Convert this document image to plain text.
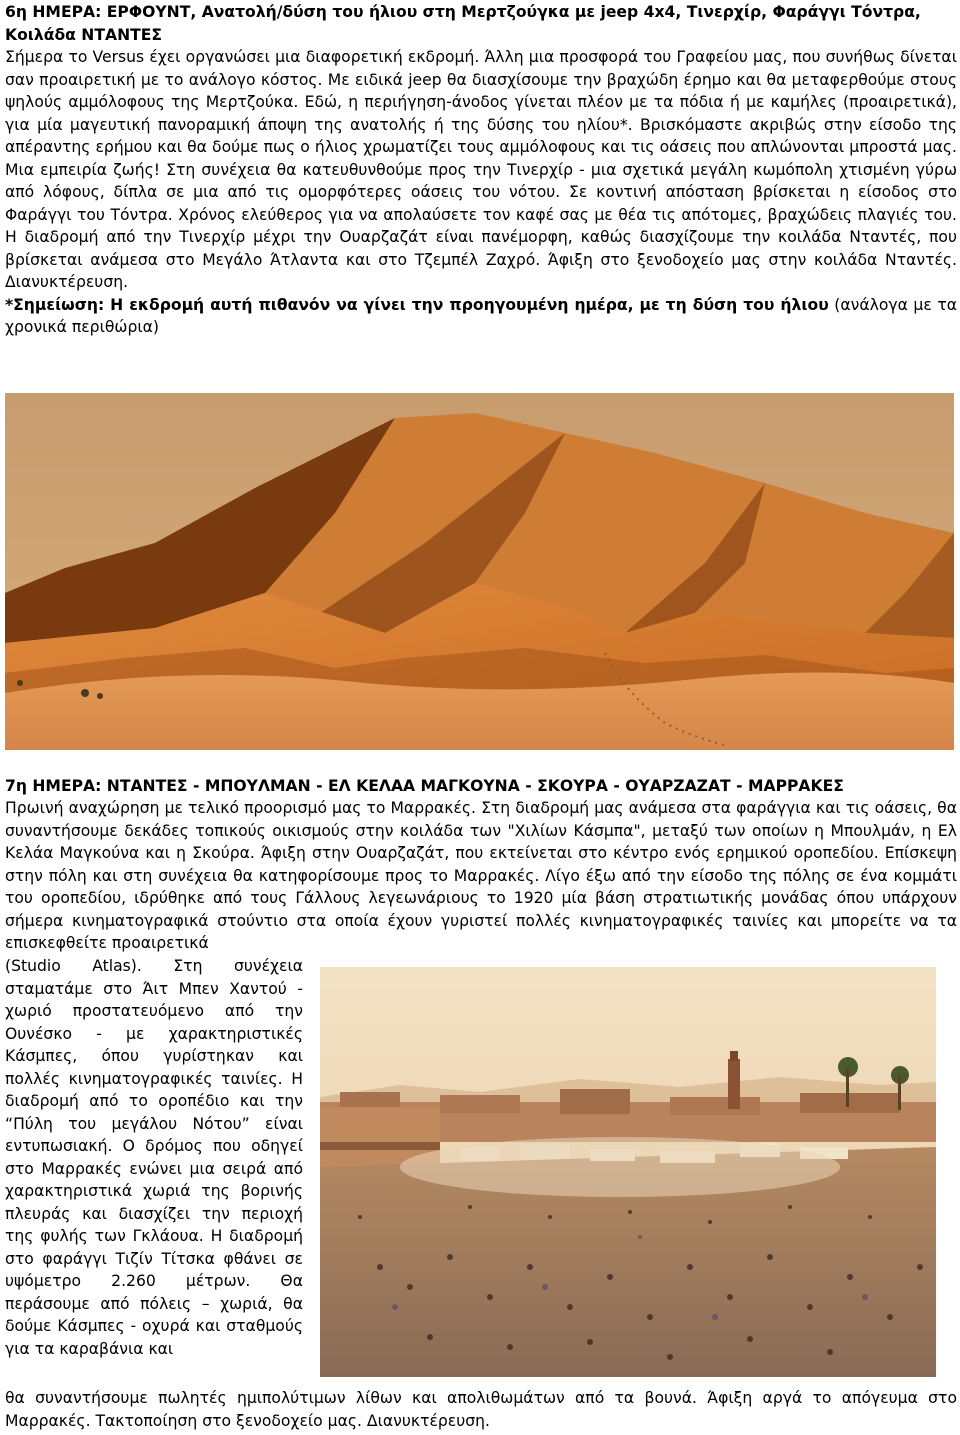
6η ΗΜΕΡΑ: ΕΡΦΟΥΝΤ, Ανατολή/δύση του ήλιου στη Μερτζούγκα με jeep 4x4, Τινερχίρ, Φαράγγι Τόντρα, Κοιλάδα ΝΤΑΝΤΕΣ
Σήμερα το Versus έχει οργανώσει μια διαφορετική εκδρομή. Άλλη μια προσφορά του Γραφείου μας, που συνήθως δίνεται σαν προαιρετική με το ανάλογο κόστος. Με ειδικά jeep θα διασχίσουμε την βραχώδη έρημο και θα μεταφερθούμε στους ψηλούς αμμόλοφους της Μερτζούκα. Εδώ, η περιήγηση-άνοδος γίνεται πλέον με τα πόδια ή με καμήλες (προαιρετικά), για μία μαγευτική πανοραμική άποψη της ανατολής ή της δύσης του ηλίου*. Βρισκόμαστε ακριβώς στην είσοδο της απέραντης ερήμου και θα δούμε πως ο ήλιος χρωματίζει τους αμμόλοφους και τις οάσεις που απλώνονται μπροστά μας. Μια εμπειρία ζωής! Στη συνέχεια θα κατευθυνθούμε προς την Τινερχίρ - μια σχετικά μεγάλη κωμόπολη χτισμένη γύρω από λόφους, δίπλα σε μια από τις ομορφότερες οάσεις του νότου. Σε κοντινή απόσταση βρίσκεται η είσοδος στο Φαράγγι του Τόντρα. Χρόνος ελεύθερος για να απολαύσετε τον καφέ σας με θέα τις απότομες, βραχώδεις πλαγιές του. Η διαδρομή από την Τινερχίρ μέχρι την Ουαρζαζάτ είναι πανέμορφη, καθώς διασχίζουμε την κοιλάδα Νταντές, που βρίσκεται ανάμεσα στο Μεγάλο Άτλαντα και στο Τζεμπέλ Ζαχρό. Άφιξη στο ξενοδοχείο μας στην κοιλάδα Νταντές. Διανυκτέρευση.
*Σημείωση: Η εκδρομή αυτή πιθανόν να γίνει την προηγουμένη ημέρα, με τη δύση του ήλιου (ανάλογα με τα χρονικά περιθώρια)
7η ΗΜΕΡΑ: ΝΤΑΝΤΕΣ - ΜΠΟΥΛΜΑΝ - ΕΛ ΚΕΛΑΑ ΜΑΓΚΟΥΝΑ - ΣΚΟΥΡΑ - ΟΥΑΡΖΑΖΑΤ - ΜΑΡΡΑΚΕΣ
Πρωινή αναχώρηση με τελικό προορισμό μας το Μαρρακές. Στη διαδρομή μας ανάμεσα στα φαράγγια και τις οάσεις, θα συναντήσουμε δεκάδες τοπικούς οικισμούς στην κοιλάδα των "Χιλίων Κάσμπα", μεταξύ των οποίων η Μπουλμάν, η Ελ Κελάα Μαγκούνα και η Σκούρα. Άφιξη στην Ουαρζαζάτ, που εκτείνεται στο κέντρο ενός ερημικού οροπεδίου. Επίσκεψη στην πόλη και στη συνέχεια θα κατηφορίσουμε προς το Μαρρακές. Λίγο έξω από την είσοδο της πόλης σε ένα κομμάτι του οροπεδίου, ιδρύθηκε από τους Γάλλους λεγεωνάριους το 1920 μία βάση στρατιωτικής μονάδας όπου υπάρχουν σήμερα κινηματογραφικά στούντιο στα οποία έχουν γυριστεί πολλές κινηματογραφικές ταινίες και μπορείτε να τα επισκεφθείτε προαιρετικά
(Studio Atlas). Στη συνέχεια σταματάμε στο Άιτ Μπεν Χαντού - χωριό προστατευόμενο από την Ουνέσκο - με χαρακτηριστικές Κάσμπες, όπου γυρίστηκαν και πολλές κινηματογραφικές ταινίες. Η διαδρομή από το οροπέδιο και την “Πύλη του μεγάλου Νότου” είναι εντυπωσιακή. Ο δρόμος που οδηγεί στο Μαρρακές ενώνει μια σειρά από χαρακτηριστικά χωριά της βορινής πλευράς και διασχίζει την περιοχή της φυλής των Γκλάουα. Η διαδρομή στο φαράγγι Τιζίν Τίτσκα φθάνει σε υψόμετρο 2.260 μέτρων. Θα περάσουμε από πόλεις – χωριά, θα δούμε Κάσμπες - οχυρά και σταθμούς για τα καραβάνια και
θα συναντήσουμε πωλητές ημιπολύτιμων λίθων και απολιθωμάτων από τα βουνά. Άφιξη αργά το απόγευμα στο Μαρρακές. Τακτοποίηση στο ξενοδοχείο μας. Διανυκτέρευση.
